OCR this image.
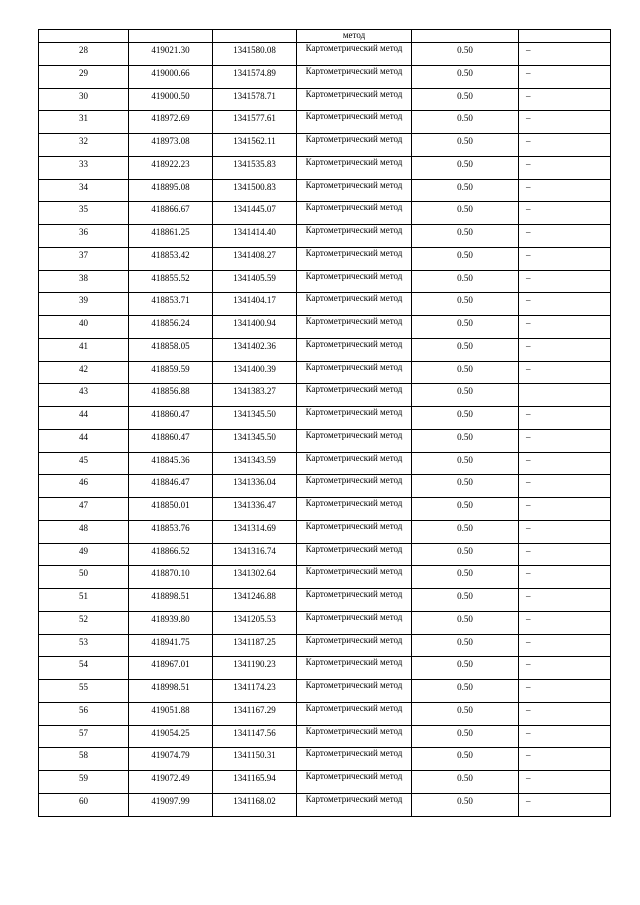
			метод		
28	419021.30	1341580.08	Картометрический метод	0.50	–
29	419000.66	1341574.89	Картометрический метод	0.50	–
30	419000.50	1341578.71	Картометрический метод	0.50	–
31	418972.69	1341577.61	Картометрический метод	0.50	–
32	418973.08	1341562.11	Картометрический метод	0.50	–
33	418922.23	1341535.83	Картометрический метод	0.50	–
34	418895.08	1341500.83	Картометрический метод	0.50	–
35	418866.67	1341445.07	Картометрический метод	0.50	–
36	418861.25	1341414.40	Картометрический метод	0.50	–
37	418853.42	1341408.27	Картометрический метод	0.50	–
38	418855.52	1341405.59	Картометрический метод	0.50	–
39	418853.71	1341404.17	Картометрический метод	0.50	–
40	418856.24	1341400.94	Картометрический метод	0.50	–
41	418858.05	1341402.36	Картометрический метод	0.50	–
42	418859.59	1341400.39	Картометрический метод	0.50	–
43	418856.88	1341383.27	Картометрический метод	0.50	
44	418860.47	1341345.50	Картометрический метод	0.50	–
44	418860.47	1341345.50	Картометрический метод	0.50	–
45	418845.36	1341343.59	Картометрический метод	0.50	–
46	418846.47	1341336.04	Картометрический метод	0.50	–
47	418850.01	1341336.47	Картометрический метод	0.50	–
48	418853.76	1341314.69	Картометрический метод	0.50	–
49	418866.52	1341316.74	Картометрический метод	0.50	–
50	418870.10	1341302.64	Картометрический метод	0.50	–
51	418898.51	1341246.88	Картометрический метод	0.50	–
52	418939.80	1341205.53	Картометрический метод	0.50	–
53	418941.75	1341187.25	Картометрический метод	0.50	–
54	418967.01	1341190.23	Картометрический метод	0.50	–
55	418998.51	1341174.23	Картометрический метод	0.50	–
56	419051.88	1341167.29	Картометрический метод	0.50	–
57	419054.25	1341147.56	Картометрический метод	0.50	–
58	419074.79	1341150.31	Картометрический метод	0.50	–
59	419072.49	1341165.94	Картометрический метод	0.50	–
60	419097.99	1341168.02	Картометрический метод	0.50	–
